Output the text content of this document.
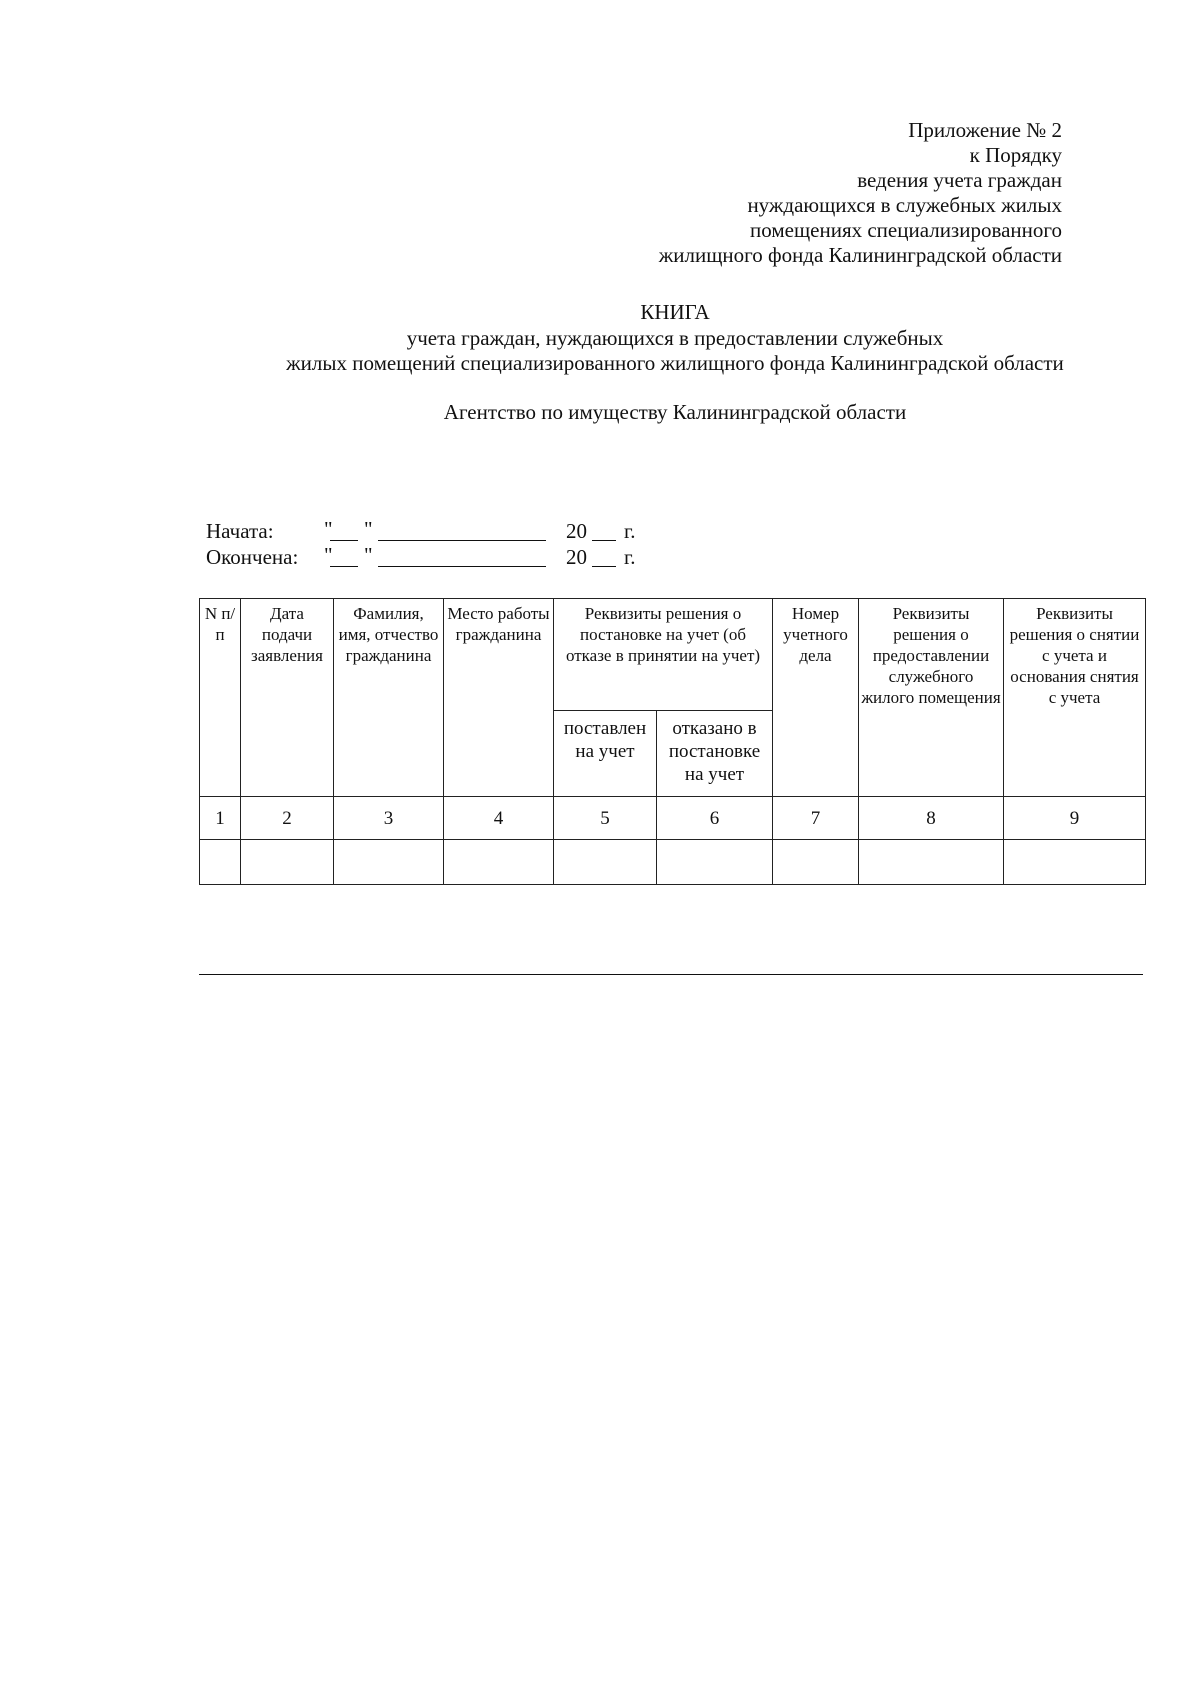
Приложение № 2
к Порядку
ведения учета граждан
нуждающихся в служебных жилых
помещениях специализированного
жилищного фонда Калининградской области
КНИГА
учета граждан, нуждающихся в предоставлении служебных
жилых помещений специализированного жилищного фонда Калининградской области
Агентство по имуществу Калининградской области
Начата: " "	20 г.
Окончена: " "	20 г.
N п/п	Дата подачи заявления	Фамилия, имя, отчество гражданина	Место работы гражданина	Реквизиты решения о постановке на учет (об отказе в принятии на учет)		Номер учетного дела	Реквизиты решения о предоставлении служебного жилого помещения	Реквизиты решения о снятии с учета и основания снятия с учета
				поставлен на учет	отказано в постановке на учет			
1	2	3	4	5	6	7	8	9
